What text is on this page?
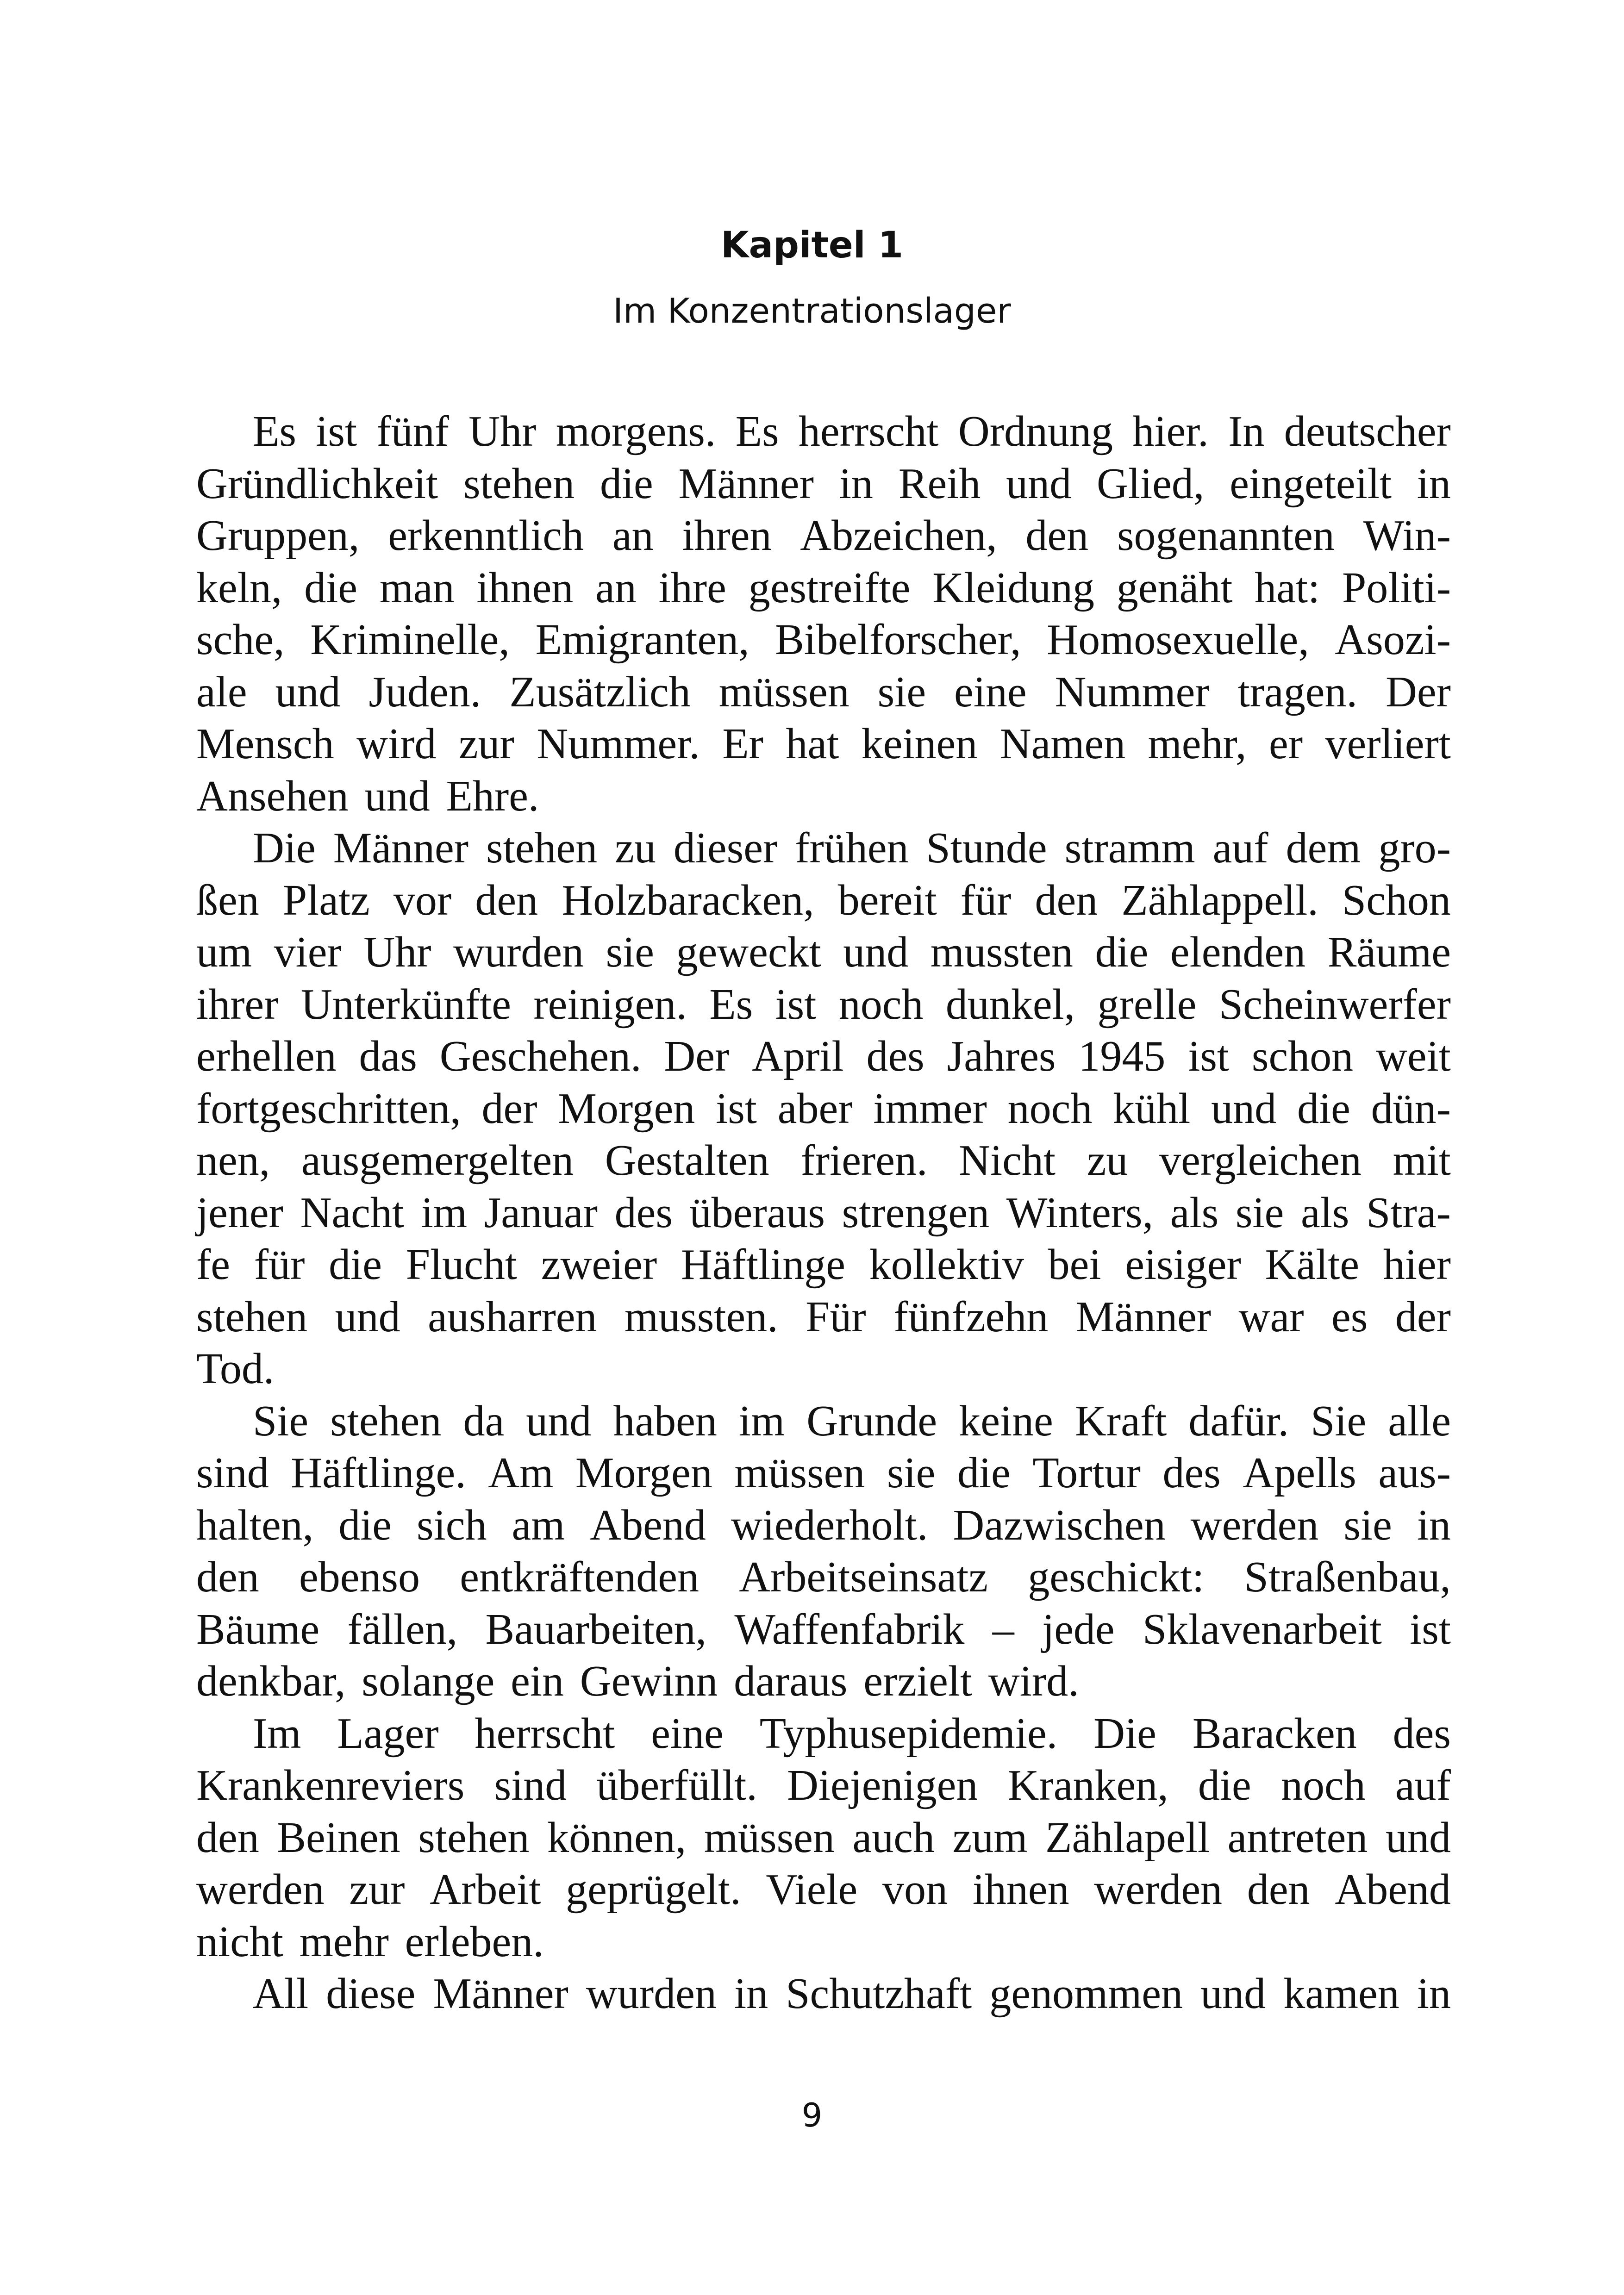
Kapitel 1
Im Konzentrationslager
Es ist fünf Uhr morgens. Es herrscht Ordnung hier. In deutscher
Gründlichkeit stehen die Männer in Reih und Glied, eingeteilt in
Gruppen, erkenntlich an ihren Abzeichen, den sogenannten Win-
keln, die man ihnen an ihre gestreifte Kleidung genäht hat: Politi-
sche, Kriminelle, Emigranten, Bibelforscher, Homosexuelle, Asozi-
ale und Juden. Zusätzlich müssen sie eine Nummer tragen. Der
Mensch wird zur Nummer. Er hat keinen Namen mehr, er verliert
Ansehen und Ehre.
Die Männer stehen zu dieser frühen Stunde stramm auf dem gro-
ßen Platz vor den Holzbaracken, bereit für den Zählappell. Schon
um vier Uhr wurden sie geweckt und mussten die elenden Räume
ihrer Unterkünfte reinigen. Es ist noch dunkel, grelle Scheinwerfer
erhellen das Geschehen. Der April des Jahres 1945 ist schon weit
fortgeschritten, der Morgen ist aber immer noch kühl und die dün-
nen, ausgemergelten Gestalten frieren. Nicht zu vergleichen mit
jener Nacht im Januar des überaus strengen Winters, als sie als Stra-
fe für die Flucht zweier Häftlinge kollektiv bei eisiger Kälte hier
stehen und ausharren mussten. Für fünfzehn Männer war es der
Tod.
Sie stehen da und haben im Grunde keine Kraft dafür. Sie alle
sind Häftlinge. Am Morgen müssen sie die Tortur des Apells aus-
halten, die sich am Abend wiederholt. Dazwischen werden sie in
den ebenso entkräftenden Arbeitseinsatz geschickt: Straßenbau,
Bäume fällen, Bauarbeiten, Waffenfabrik – jede Sklavenarbeit ist
denkbar, solange ein Gewinn daraus erzielt wird.
Im Lager herrscht eine Typhusepidemie. Die Baracken des
Krankenreviers sind überfüllt. Diejenigen Kranken, die noch auf
den Beinen stehen können, müssen auch zum Zählapell antreten und
werden zur Arbeit geprügelt. Viele von ihnen werden den Abend
nicht mehr erleben.
All diese Männer wurden in Schutzhaft genommen und kamen in
9
